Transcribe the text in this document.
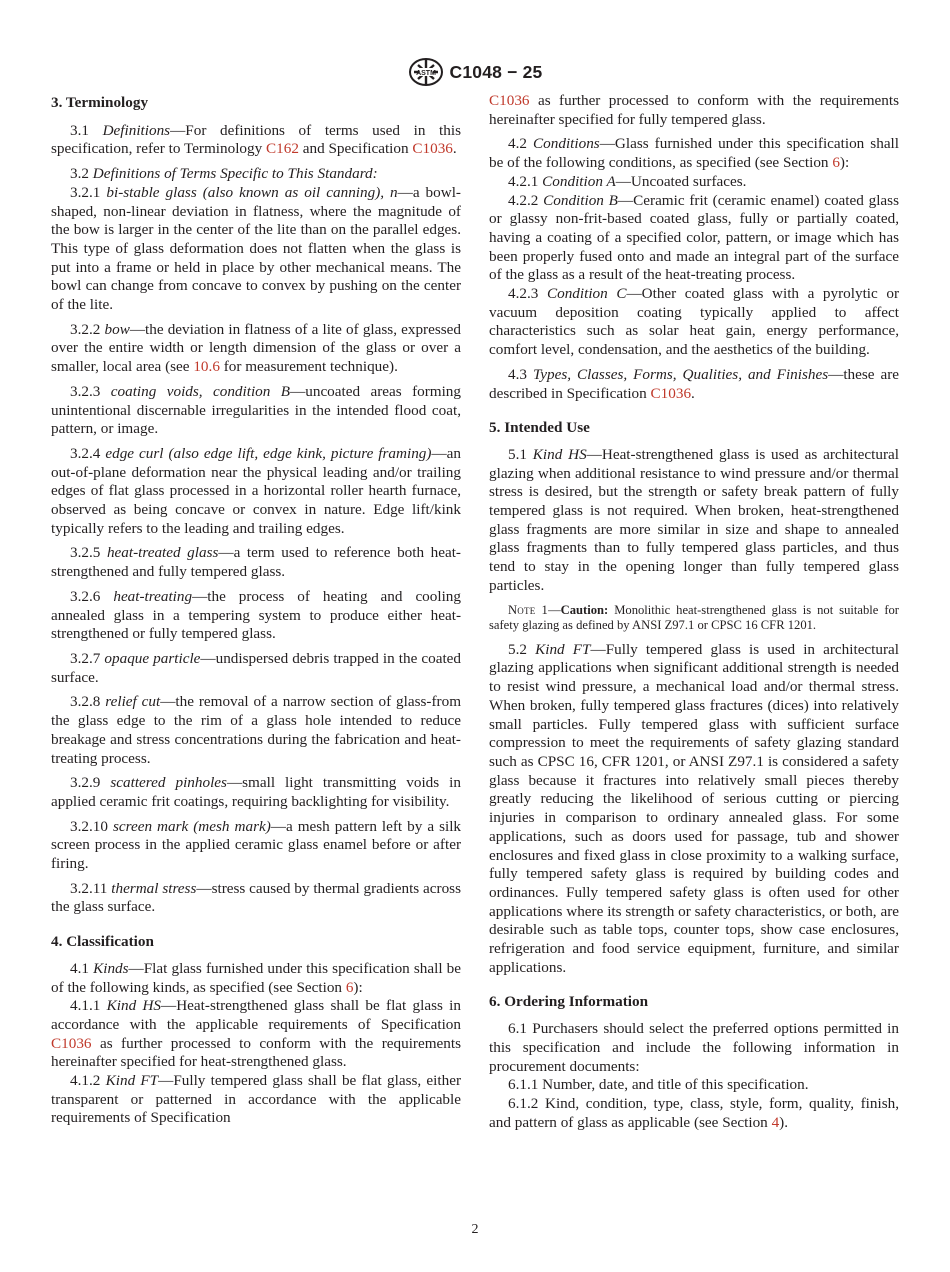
ASTM C1048 − 25
3. Terminology

3.1 Definitions—For definitions of terms used in this specification, refer to Terminology C162 and Specification C1036.

3.2 Definitions of Terms Specific to This Standard:

3.2.1 bi-stable glass (also known as oil canning), n—a bowl-shaped, non-linear deviation in flatness, where the magnitude of the bow is larger in the center of the lite than on the parallel edges. This type of glass deformation does not flatten when the glass is put into a frame or held in place by other mechanical means. The bowl can change from concave to convex by pushing on the center of the lite.

3.2.2 bow—the deviation in flatness of a lite of glass, expressed over the entire width or length dimension of the glass or over a smaller, local area (see 10.6 for measurement technique).

3.2.3 coating voids, condition B—uncoated areas forming unintentional discernable irregularities in the intended flood coat, pattern, or image.

3.2.4 edge curl (also edge lift, edge kink, picture framing)—an out-of-plane deformation near the physical leading and/or trailing edges of flat glass processed in a horizontal roller hearth furnace, observed as being concave or convex in nature. Edge lift/kink typically refers to the leading and trailing edges.

3.2.5 heat-treated glass—a term used to reference both heat-strengthened and fully tempered glass.

3.2.6 heat-treating—the process of heating and cooling annealed glass in a tempering system to produce either heat-strengthened or fully tempered glass.

3.2.7 opaque particle—undispersed debris trapped in the coated surface.

3.2.8 relief cut—the removal of a narrow section of glass-from the glass edge to the rim of a glass hole intended to reduce breakage and stress concentrations during the fabrication and heat-treating process.

3.2.9 scattered pinholes—small light transmitting voids in applied ceramic frit coatings, requiring backlighting for visibility.

3.2.10 screen mark (mesh mark)—a mesh pattern left by a silk screen process in the applied ceramic glass enamel before or after firing.

3.2.11 thermal stress—stress caused by thermal gradients across the glass surface.

4. Classification

4.1 Kinds—Flat glass furnished under this specification shall be of the following kinds, as specified (see Section 6):

4.1.1 Kind HS—Heat-strengthened glass shall be flat glass in accordance with the applicable requirements of Specification C1036 as further processed to conform with the requirements hereinafter specified for heat-strengthened glass.

4.1.2 Kind FT—Fully tempered glass shall be flat glass, either transparent or patterned in accordance with the applicable requirements of Specification

C1036 as further processed to conform with the requirements hereinafter specified for fully tempered glass.

4.2 Conditions—Glass furnished under this specification shall be of the following conditions, as specified (see Section 6):

4.2.1 Condition A—Uncoated surfaces.

4.2.2 Condition B—Ceramic frit (ceramic enamel) coated glass or glassy non-frit-based coated glass, fully or partially coated, having a coating of a specified color, pattern, or image which has been properly fused onto and made an integral part of the surface of the glass as a result of the heat-treating process.

4.2.3 Condition C—Other coated glass with a pyrolytic or vacuum deposition coating typically applied to affect characteristics such as solar heat gain, energy performance, comfort level, condensation, and the aesthetics of the building.

4.3 Types, Classes, Forms, Qualities, and Finishes—these are described in Specification C1036.

5. Intended Use

5.1 Kind HS—Heat-strengthened glass is used as architectural glazing when additional resistance to wind pressure and/or thermal stress is desired, but the strength or safety break pattern of fully tempered glass is not required. When broken, heat-strengthened glass fragments are more similar in size and shape to annealed glass fragments than to fully tempered glass particles, and thus tend to stay in the opening longer than fully tempered glass particles.

Note 1—Caution: Monolithic heat-strengthened glass is not suitable for safety glazing as defined by ANSI Z97.1 or CPSC 16 CFR 1201.

5.2 Kind FT—Fully tempered glass is used in architectural glazing applications when significant additional strength is needed to resist wind pressure, a mechanical load and/or thermal stress. When broken, fully tempered glass fractures (dices) into relatively small particles. Fully tempered glass with sufficient surface compression to meet the requirements of safety glazing standard such as CPSC 16, CFR 1201, or ANSI Z97.1 is considered a safety glass because it fractures into relatively small pieces thereby greatly reducing the likelihood of serious cutting or piercing injuries in comparison to ordinary annealed glass. For some applications, such as doors used for passage, tub and shower enclosures and fixed glass in close proximity to a walking surface, fully tempered safety glass is required by building codes and ordinances. Fully tempered safety glass is often used for other applications where its strength or safety characteristics, or both, are desirable such as table tops, counter tops, show case enclosures, refrigeration and food service equipment, furniture, and similar applications.

6. Ordering Information

6.1 Purchasers should select the preferred options permitted in this specification and include the following information in procurement documents:

6.1.1 Number, date, and title of this specification.

6.1.2 Kind, condition, type, class, style, form, quality, finish, and pattern of glass as applicable (see Section 4).

2
